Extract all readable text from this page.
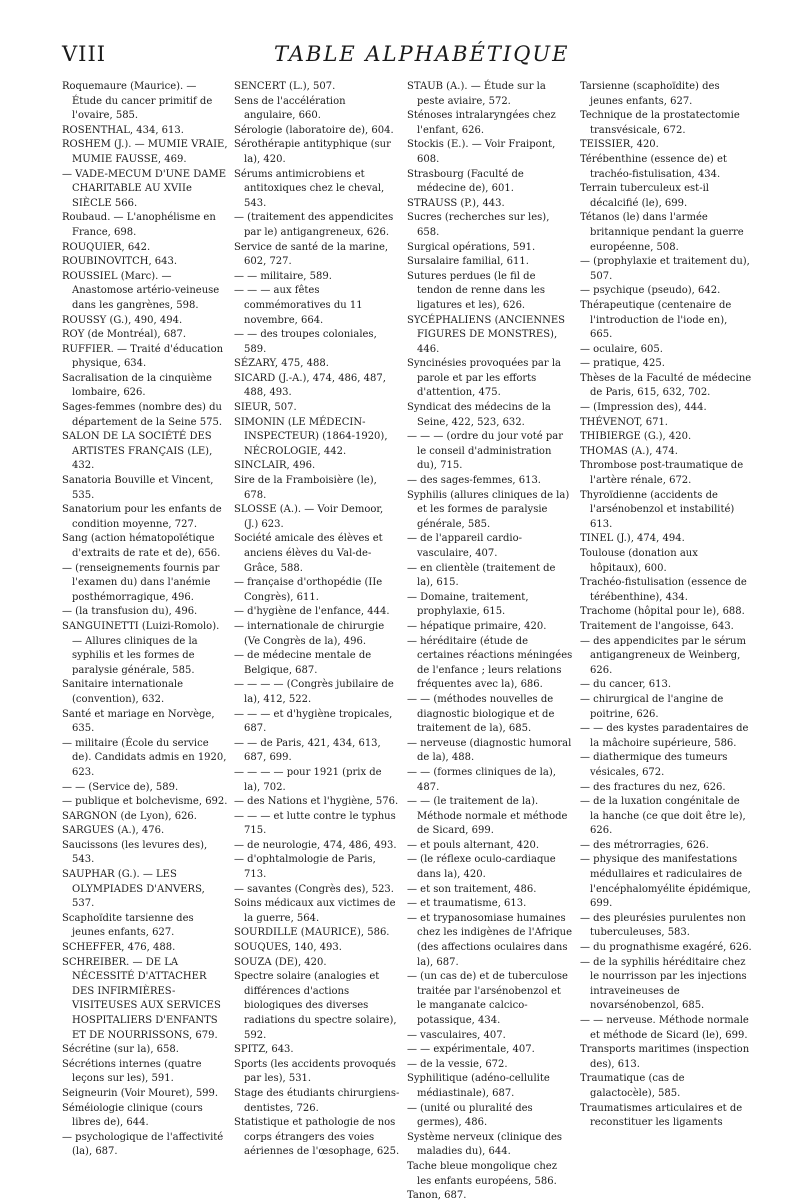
VIII	TABLE ALPHABÉTIQUE

Roquemaure (Maurice). — Étude du cancer primitif de l'ovaire, 585.

ROSENTHAL, 434, 613.

ROSHEM (J.). — MUMIE VRAIE, MUMIE FAUSSE, 469.

— VADE-MECUM D'UNE DAME CHARITABLE AU XVIIe SIÈCLE 566.

Roubaud. — L'anophélisme en France, 698.

ROUQUIER, 642.

ROUBINOVITCH, 643.

ROUSSIEL (Marc). — Anastomose artério-veineuse dans les gangrènes, 598.

ROUSSY (G.), 490, 494.

ROY (de Montréal), 687.

RUFFIER. — Traité d'éducation physique, 634.

Sacralisation de la cinquième lombaire, 626.

Sages-femmes (nombre des) du département de la Seine 575.

SALON DE LA SOCIÉTÉ DES ARTISTES FRANÇAIS (LE), 432.

Sanatoria Bouville et Vincent, 535.

Sanatorium pour les enfants de condition moyenne, 727.

Sang (action hématopoïétique d'extraits de rate et de), 656.

— (renseignements fournis par l'examen du) dans l'anémie posthémorragique, 496.

— (la transfusion du), 496.

SANGUINETTI (Luizi-Romolo). — Allures cliniques de la syphilis et les formes de paralysie générale, 585.

Sanitaire internationale (convention), 632.

Santé et mariage en Norvège, 635.

— militaire (École du service de). Candidats admis en 1920, 623.

— — (Service de), 589.

— publique et bolchevisme, 692.

SARGNON (de Lyon), 626.

SARGUES (A.), 476.

Saucissons (les levures des), 543.

SAUPHAR (G.). — LES OLYMPIADES D'ANVERS, 537.

Scaphoïdite tarsienne des jeunes enfants, 627.

SCHEFFER, 476, 488.

SCHREIBER. — DE LA NÉCESSITÉ D'ATTACHER DES INFIRMIÈRES-VISITEUSES AUX SERVICES HOSPITALIERS D'ENFANTS ET DE NOURRISSONS, 679.

Sécrétine (sur la), 658.

Sécrétions internes (quatre leçons sur les), 591.

Seigneurin (Voir Mouret), 599.

Séméiologie clinique (cours libres de), 644.

— psychologique de l'affectivité (la), 687.

SENCERT (L.), 507.

Sens de l'accélération angulaire, 660.

Sérologie (laboratoire de), 604.

Sérothérapie antityphique (sur la), 420.

Sérums antimicrobiens et antitoxiques chez le cheval, 543.

— (traitement des appendicites par le) antigangreneux, 626.

Service de santé de la marine, 602, 727.

— — militaire, 589.

— — — aux fêtes commémoratives du 11 novembre, 664.

— — des troupes coloniales, 589.

SÉZARY, 475, 488.

SICARD (J.-A.), 474, 486, 487, 488, 493.

SIEUR, 507.

SIMONIN (LE MÉDECIN-INSPECTEUR) (1864-1920), NÉCROLOGIE, 442.

SINCLAIR, 496.

Sire de la Framboisière (le), 678.

SLOSSE (A.). — Voir Demoor, (J.) 623.

Société amicale des élèves et anciens élèves du Val-de-Grâce, 588.

— française d'orthopédie (IIe Congrès), 611.

— d'hygiène de l'enfance, 444.

— internationale de chirurgie (Ve Congrès de la), 496.

— de médecine mentale de Belgique, 687.

— — — — (Congrès jubilaire de la), 412, 522.

— — — et d'hygiène tropicales, 687.

— — de Paris, 421, 434, 613, 687, 699.

— — — — pour 1921 (prix de la), 702.

— des Nations et l'hygiène, 576.

— — — et lutte contre le typhus 715.

— de neurologie, 474, 486, 493.

— d'ophtalmologie de Paris, 713.

— savantes (Congrès des), 523.

Soins médicaux aux victimes de la guerre, 564.

SOURDILLE (MAURICE), 586.

SOUQUES, 140, 493.

SOUZA (DE), 420.

Spectre solaire (analogies et différences d'actions biologiques des diverses radiations du spectre solaire), 592.

SPITZ, 643.

Sports (les accidents provoqués par les), 531.

Stage des étudiants chirurgiens-dentistes, 726.

Statistique et pathologie de nos corps étrangers des voies aériennes de l'œsophage, 625.

STAUB (A.). — Étude sur la peste aviaire, 572.

Sténoses intralaryngées chez l'enfant, 626.

Stockis (E.). — Voir Fraipont, 608.

Strasbourg (Faculté de médecine de), 601.

STRAUSS (P.), 443.

Sucres (recherches sur les), 658.

Surgical opérations, 591.

Sursalaire familial, 611.

Sutures perdues (le fil de tendon de renne dans les ligatures et les), 626.

SYCÉPHALIENS (ANCIENNES FIGURES DE MONSTRES), 446.

Syncinésies provoquées par la parole et par les efforts d'attention, 475.

Syndicat des médecins de la Seine, 422, 523, 632.

— — — (ordre du jour voté par le conseil d'administration du), 715.

— des sages-femmes, 613.

Syphilis (allures cliniques de la) et les formes de paralysie générale, 585.

— de l'appareil cardio-vasculaire, 407.

— en clientèle (traitement de la), 615.

— Domaine, traitement, prophylaxie, 615.

— hépatique primaire, 420.

— héréditaire (étude de certaines réactions méningées de l'enfance ; leurs relations fréquentes avec la), 686.

— — (méthodes nouvelles de diagnostic biologique et de traitement de la), 685.

— nerveuse (diagnostic humoral de la), 488.

— — (formes cliniques de la), 487.

— — (le traitement de la). Méthode normale et méthode de Sicard, 699.

— et pouls alternant, 420.

— (le réflexe oculo-cardiaque dans la), 420.

— et son traitement, 486.

— et traumatisme, 613.

— et trypanosomiase humaines chez les indigènes de l'Afrique (des affections oculaires dans la), 687.

— (un cas de) et de tuberculose traitée par l'arsénobenzol et le manganate calcico-potassique, 434.

— vasculaires, 407.

— — expérimentale, 407.

— de la vessie, 672.

Syphilitique (adéno-cellulite médiastinale), 687.

— (unité ou pluralité des germes), 486.

Système nerveux (clinique des maladies du), 644.

Tache bleue mongolique chez les enfants européens, 586.

Tanon, 687.

Tarsienne (scaphoïdite) des jeunes enfants, 627.

Technique de la prostatectomie transvésicale, 672.

TEISSIER, 420.

Térébenthine (essence de) et trachéo-fistulisation, 434.

Terrain tuberculeux est-il décalcifié (le), 699.

Tétanos (le) dans l'armée britannique pendant la guerre européenne, 508.

— (prophylaxie et traitement du), 507.

— psychique (pseudo), 642.

Thérapeutique (centenaire de l'introduction de l'iode en), 665.

— oculaire, 605.

— pratique, 425.

Thèses de la Faculté de médecine de Paris, 615, 632, 702.

— (Impression des), 444.

THÉVENOT, 671.

THIBIERGE (G.), 420.

THOMAS (A.), 474.

Thrombose post-traumatique de l'artère rénale, 672.

Thyroïdienne (accidents de l'arsénobenzol et instabilité) 613.

TINEL (J.), 474, 494.

Toulouse (donation aux hôpitaux), 600.

Trachéo-fistulisation (essence de térébenthine), 434.

Trachome (hôpital pour le), 688.

Traitement de l'angoisse, 643.

— des appendicites par le sérum antigangreneux de Weinberg, 626.

— du cancer, 613.

— chirurgical de l'angine de poitrine, 626.

— — des kystes paradentaires de la mâchoire supérieure, 586.

— diathermique des tumeurs vésicales, 672.

— des fractures du nez, 626.

— de la luxation congénitale de la hanche (ce que doit être le), 626.

— des métrorragies, 626.

— physique des manifestations médullaires et radiculaires de l'encéphalomyélite épidémique, 699.

— des pleurésies purulentes non tuberculeuses, 583.

— du prognathisme exagéré, 626.

— de la syphilis héréditaire chez le nourrisson par les injections intraveineuses de novarsénobenzol, 685.

— — nerveuse. Méthode normale et méthode de Sicard (le), 699.

Transports maritimes (inspection des), 613.

Traumatique (cas de galactocèle), 585.

Traumatismes articulaires et de reconstituer les ligaments
